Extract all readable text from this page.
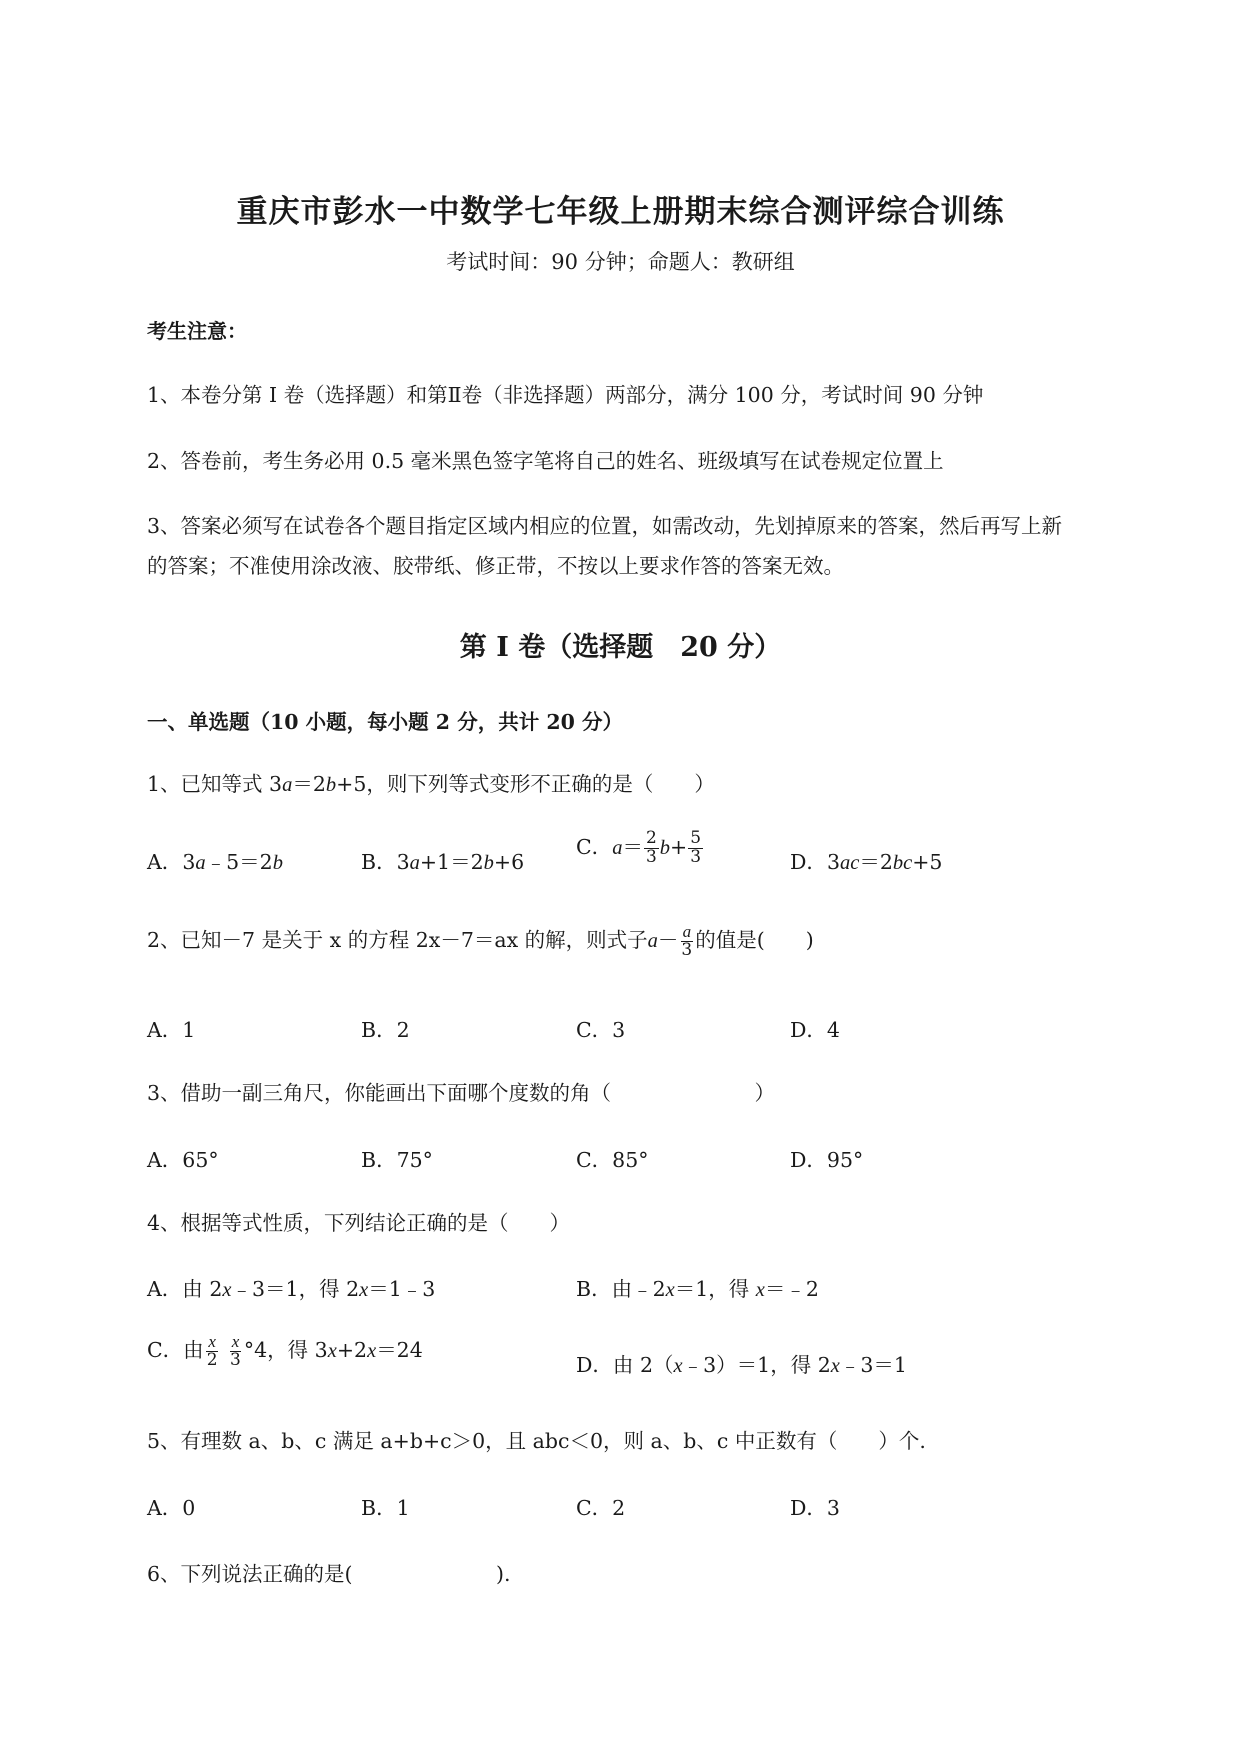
重庆市彭水一中数学七年级上册期末综合测评综合训练
考试时间：90 分钟；命题人：教研组
考生注意：
1、本卷分第 I 卷（选择题）和第Ⅱ卷（非选择题）两部分，满分 100 分，考试时间 90 分钟
2、答卷前，考生务必用 0.5 毫米黑色签字笔将自己的姓名、班级填写在试卷规定位置上
3、答案必须写在试卷各个题目指定区域内相应的位置，如需改动，先划掉原来的答案，然后再写上新
的答案；不准使用涂改液、胶带纸、修正带，不按以上要求作答的答案无效。
第 I 卷（选择题　20 分）
一、单选题（10 小题，每小题 2 分，共计 20 分）
1、已知等式 3a＝2b+5，则下列等式变形不正确的是（　　）
A．3a﹣5＝2b	B．3a+1＝2b+6
C．$a= \frac{2}{3} b+ \frac{5}{3}$	D．3ac＝2bc+5
2、已知－7 是关于 x 的方程 2x－7＝ax 的解，则式子$a- \frac{a}{3}$ 的值是(　　)
A．1	B．2	C．3	D．4
3、借助一副三角尺，你能画出下面哪个度数的角（　　　　　　　）
A．65°	B．75°	C．85°	D．95°
4、根据等式性质，下列结论正确的是（　　）
A．由 2x﹣3＝1，得 2x＝1﹣3	B．由﹣2x＝1，得 x＝﹣2
C．由 $\frac{x}{2}$
$\frac{x}{3} ^\circ 4$，得 3x+2x＝24
D．由 2（x﹣3）＝1，得 2x﹣3＝1
5、有理数 a、b、c 满足 a+b+c＞0，且 abc＜0，则 a、b、c 中正数有（　　）个.
A．0	B．1	C．2	D．3
6、下列说法正确的是(　　　　　　　).
